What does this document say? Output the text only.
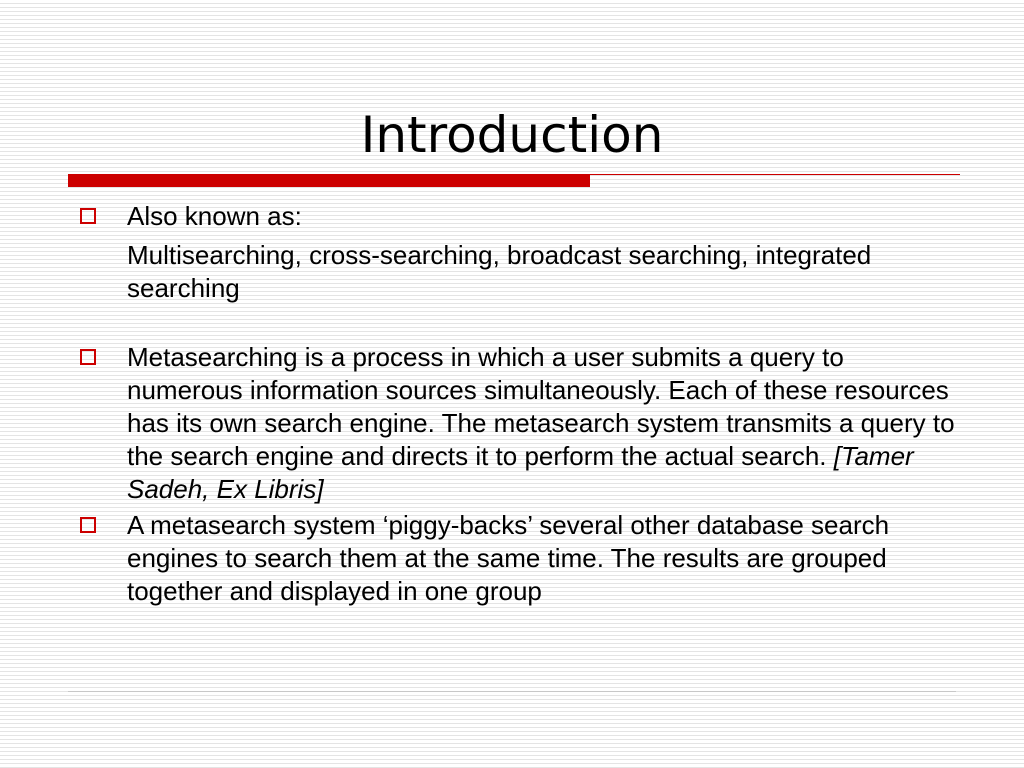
Introduction
Also known as:
Multisearching, cross-searching, broadcast searching, integrated searching
Metasearching is a process in which a user submits a query to numerous information sources simultaneously. Each of these resources has its own search engine. The metasearch system transmits a query to the search engine and directs it to perform the actual search. [Tamer Sadeh, Ex Libris]
A metasearch system ‘piggy-backs’ several other database search engines to search them at the same time. The results are grouped together and displayed in one group
